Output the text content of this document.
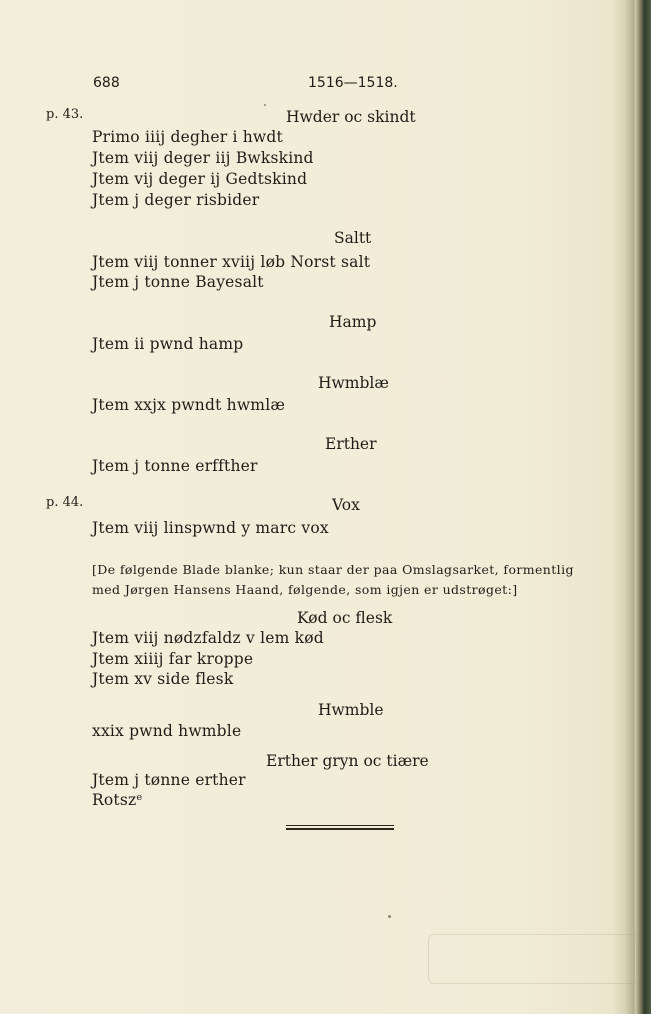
688	1516—1518.
p. 43.
p. 44.
Hwder oc skindt
Primo iiij degher i hwdt
Jtem viij deger iij Bwkskind
Jtem vij deger ij Gedtskind
Jtem j deger risbider
Saltt
Jtem viij tonner xviij løb Norst salt
Jtem j tonne Bayesalt
Hamp
Jtem ii pwnd hamp
Hwmblæ
Jtem xxjx pwndt hwmlæ
Erther
Jtem j tonne erffther
Vox
Jtem viij linspwnd y marc vox
[De følgende Blade blanke; kun staar der paa Omslagsarket, formentlig
med Jørgen Hansens Haand, følgende, som igjen er udstrøget:]
Kød oc flesk
Jtem viij nødzfaldz v lem kød
Jtem xiiij far kroppe
Jtem xv side flesk
Hwmble
xxix pwnd hwmble
Erther gryn oc tiære
Jtem j tønne erther
Rotszᵉ
